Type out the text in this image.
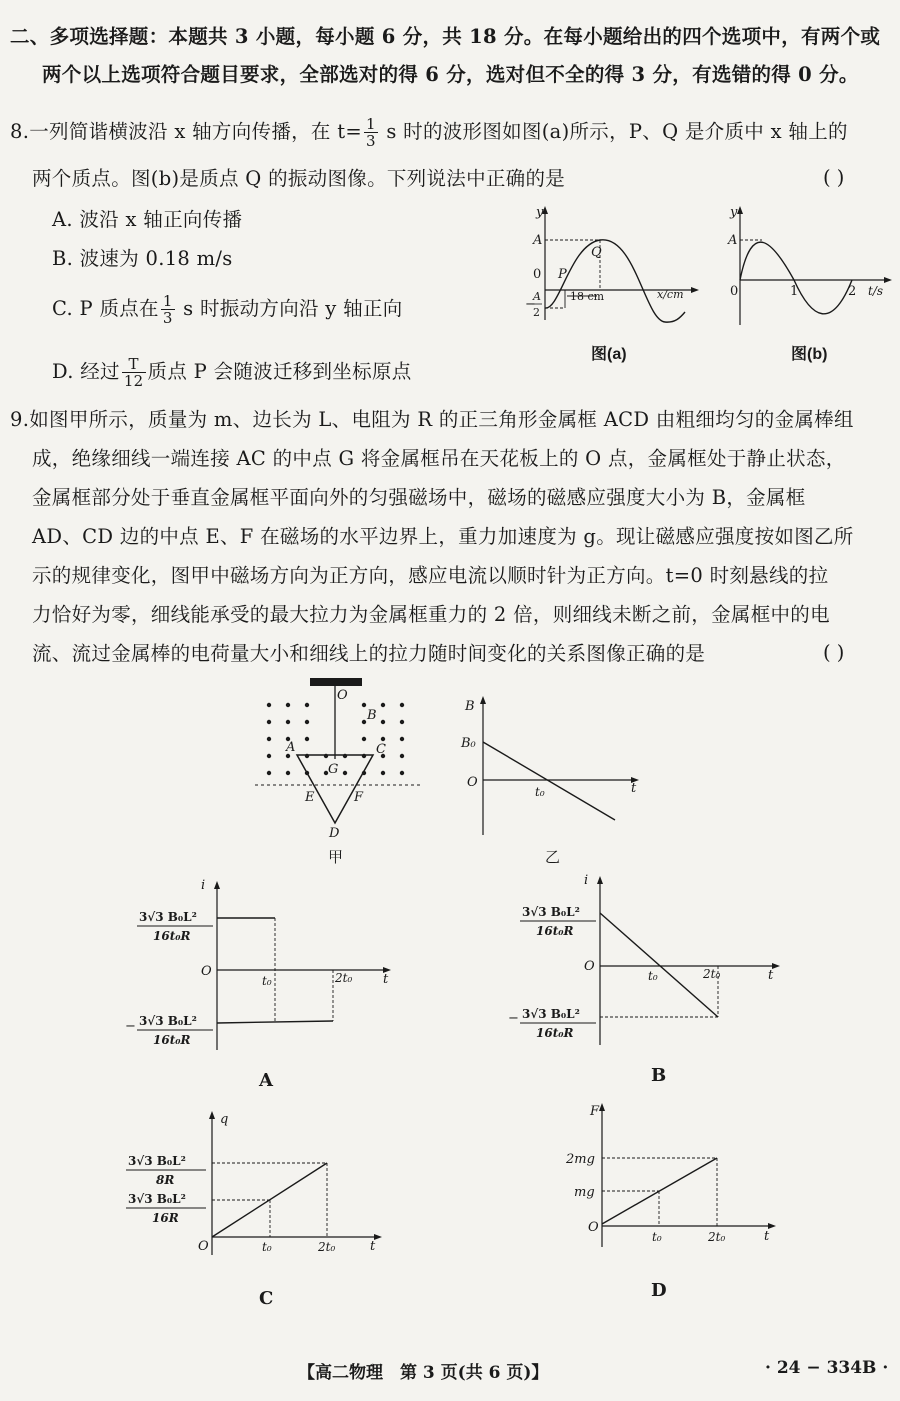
二、多项选择题：本题共 3 小题，每小题 6 分，共 18 分。在每小题给出的四个选项中，有两个或
两个以上选项符合题目要求，全部选对的得 6 分，选对但不全的得 3 分，有选错的得 0 分。
8.一列简谐横波沿 x 轴方向传播，在 $t= \frac{1}{3}$ s 时的波形图如图(a)所示，P、Q 是介质中 x 轴上的
两个质点。图(b)是质点 Q 的振动图像。下列说法中正确的是	( )
A. 波沿 x 轴正向传播
B. 波速为 0.18 m/s
C. P 质点在 $\frac{1}{3}$ s 时振动方向沿 y 轴正向
D. 经过 $\frac{T}{12}$ 质点 P 会随波迁移到坐标原点
y
A
0
−
A
2
P
Q
18 cm	x/cm
图(a)
y
A
0	1	2 t/s
图(b)
9.如图甲所示，质量为 m、边长为 L、电阻为 R 的正三角形金属框 ACD 由粗细均匀的金属棒组
成，绝缘细线一端连接 AC 的中点 G 将金属框吊在天花板上的 O 点，金属框处于静止状态，
金属框部分处于垂直金属框平面向外的匀强磁场中，磁场的磁感应强度大小为 B，金属框
AD、CD 边的中点 E、F 在磁场的水平边界上，重力加速度为 g。现让磁感应强度按如图乙所
示的规律变化，图甲中磁场方向为正方向，感应电流以顺时针为正方向。t=0 时刻悬线的拉
力恰好为零，细线能承受的最大拉力为金属框重力的 2 倍，则细线未断之前，金属框中的电
流、流过金属棒的电荷量大小和细线上的拉力随时间变化的关系图像正确的是	( )
O
B
A	C
G
E	F
D
甲
B
B₀
O
t₀	t
乙
i
3√3 B₀L²
16t₀R
O
t₀	2t₀ t
− 3√3 B₀L²
16t₀R
A
i
3√3 B₀L²
16t₀R
O
t₀	2t₀	t
− 3√3 B₀L²
16t₀R
B
q
3√3 B₀L²
8R
3√3 B₀L²
16R
O	t₀	2t₀	t
C
F
2mg
mg
O
t₀	2t₀	t
D
【高二物理　第 3 页(共 6 页)】	· 24 − 334B ·
